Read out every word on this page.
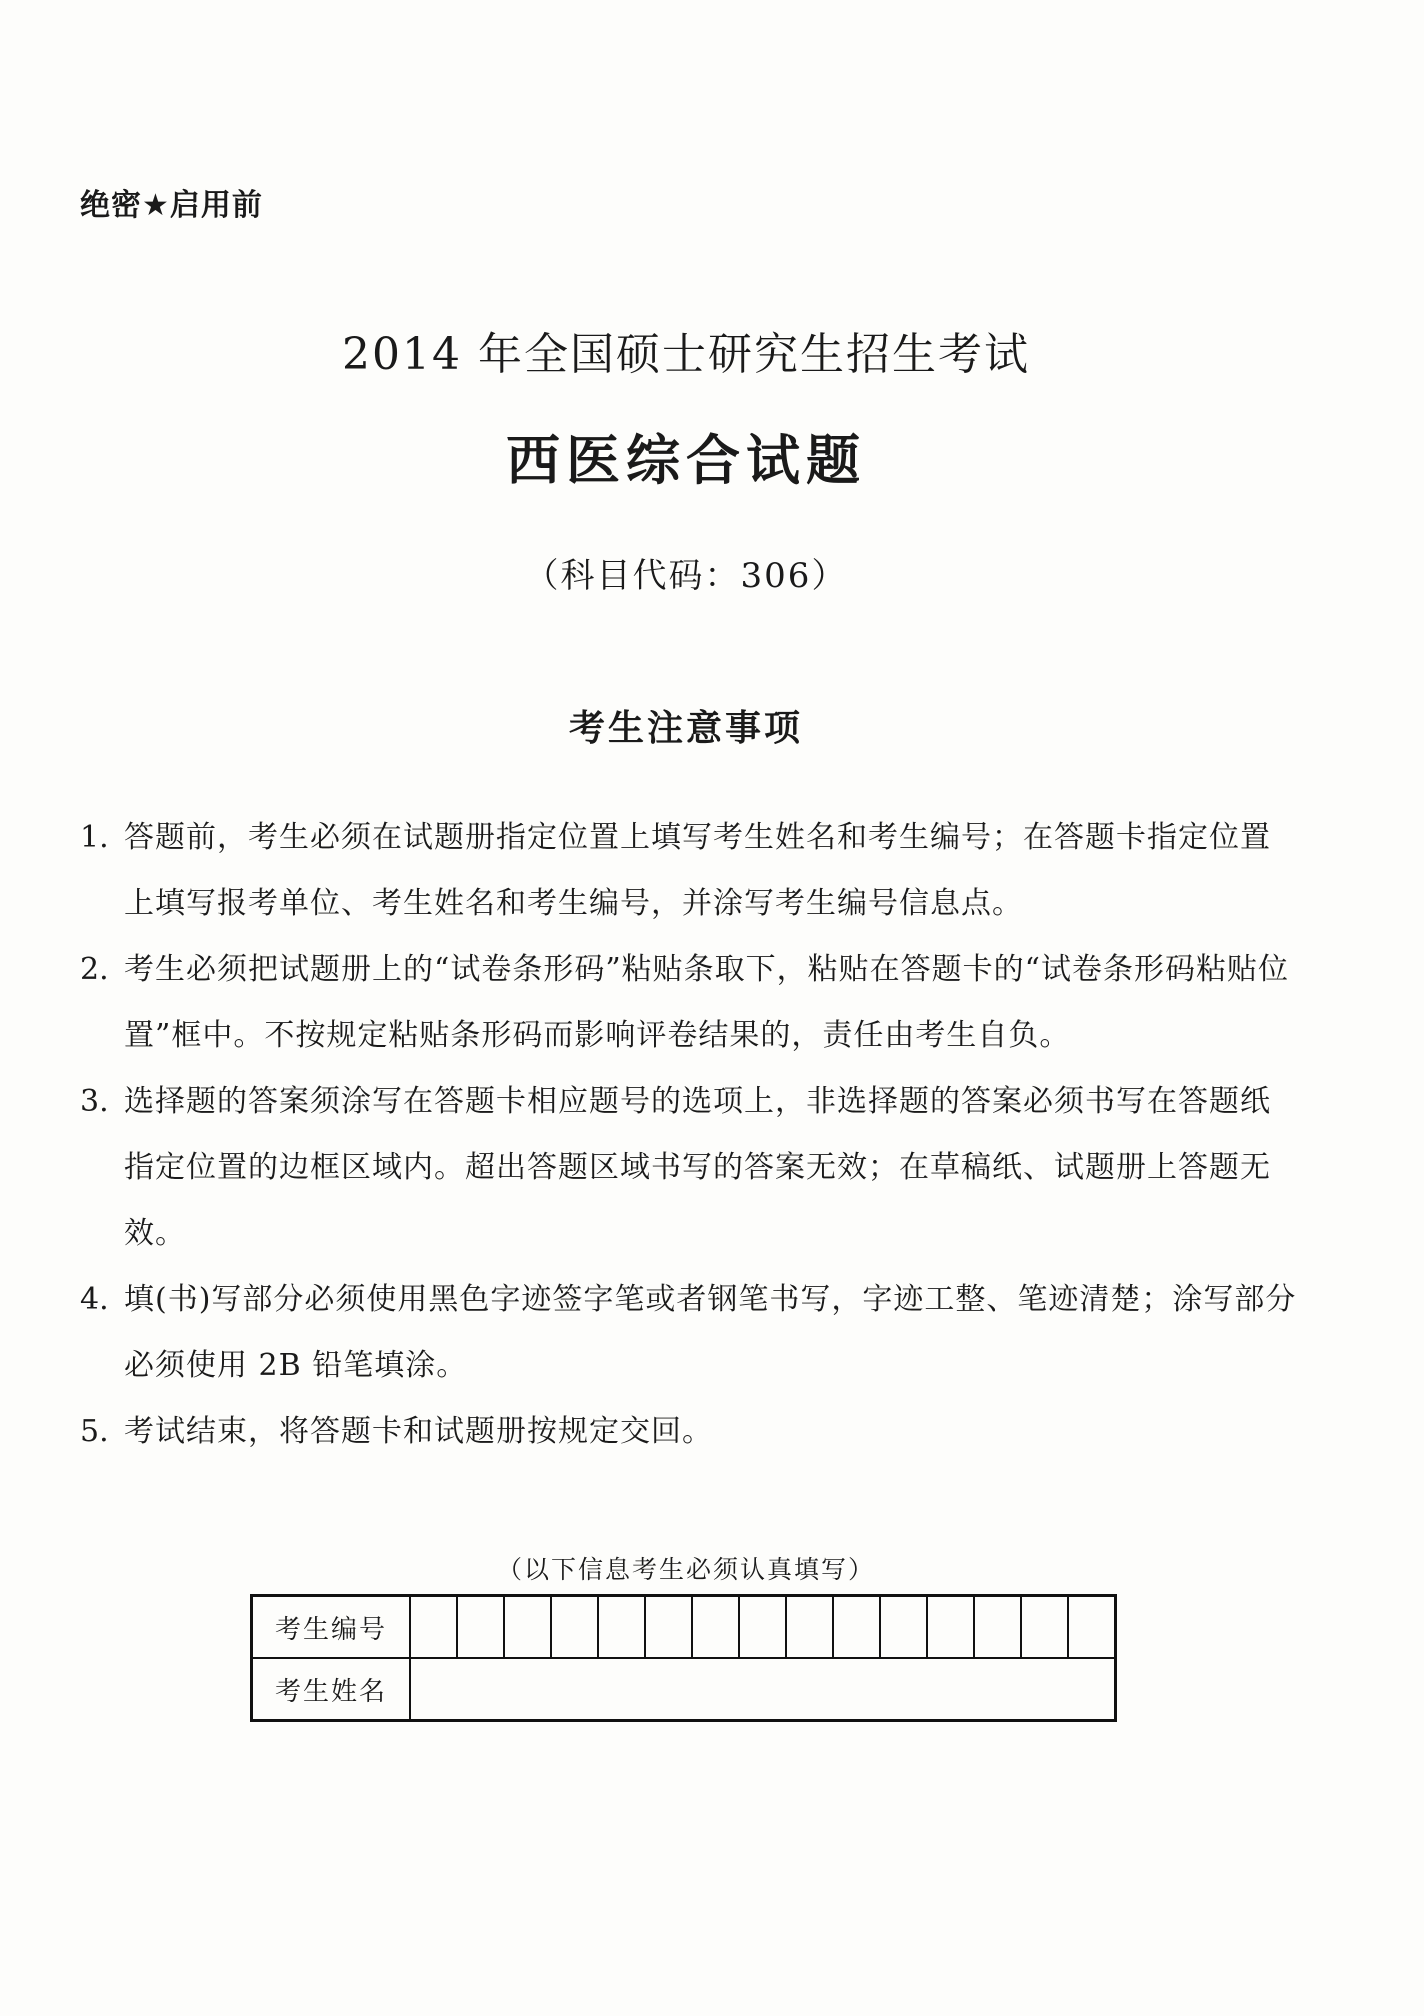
绝密★启用前
2014 年全国硕士研究生招生考试
西医综合试题
（科目代码：306）
考生注意事项
1. 答题前，考生必须在试题册指定位置上填写考生姓名和考生编号；在答题卡指定位置上填写报考单位、考生姓名和考生编号，并涂写考生编号信息点。
2. 考生必须把试题册上的“试卷条形码”粘贴条取下，粘贴在答题卡的“试卷条形码粘贴位置”框中。不按规定粘贴条形码而影响评卷结果的，责任由考生自负。
3. 选择题的答案须涂写在答题卡相应题号的选项上，非选择题的答案必须书写在答题纸指定位置的边框区域内。超出答题区域书写的答案无效；在草稿纸、试题册上答题无效。
4. 填(书)写部分必须使用黑色字迹签字笔或者钢笔书写，字迹工整、笔迹清楚；涂写部分必须使用 2B 铅笔填涂。
5. 考试结束，将答题卡和试题册按规定交回。
（以下信息考生必须认真填写）
考生编号															
考生姓名															
